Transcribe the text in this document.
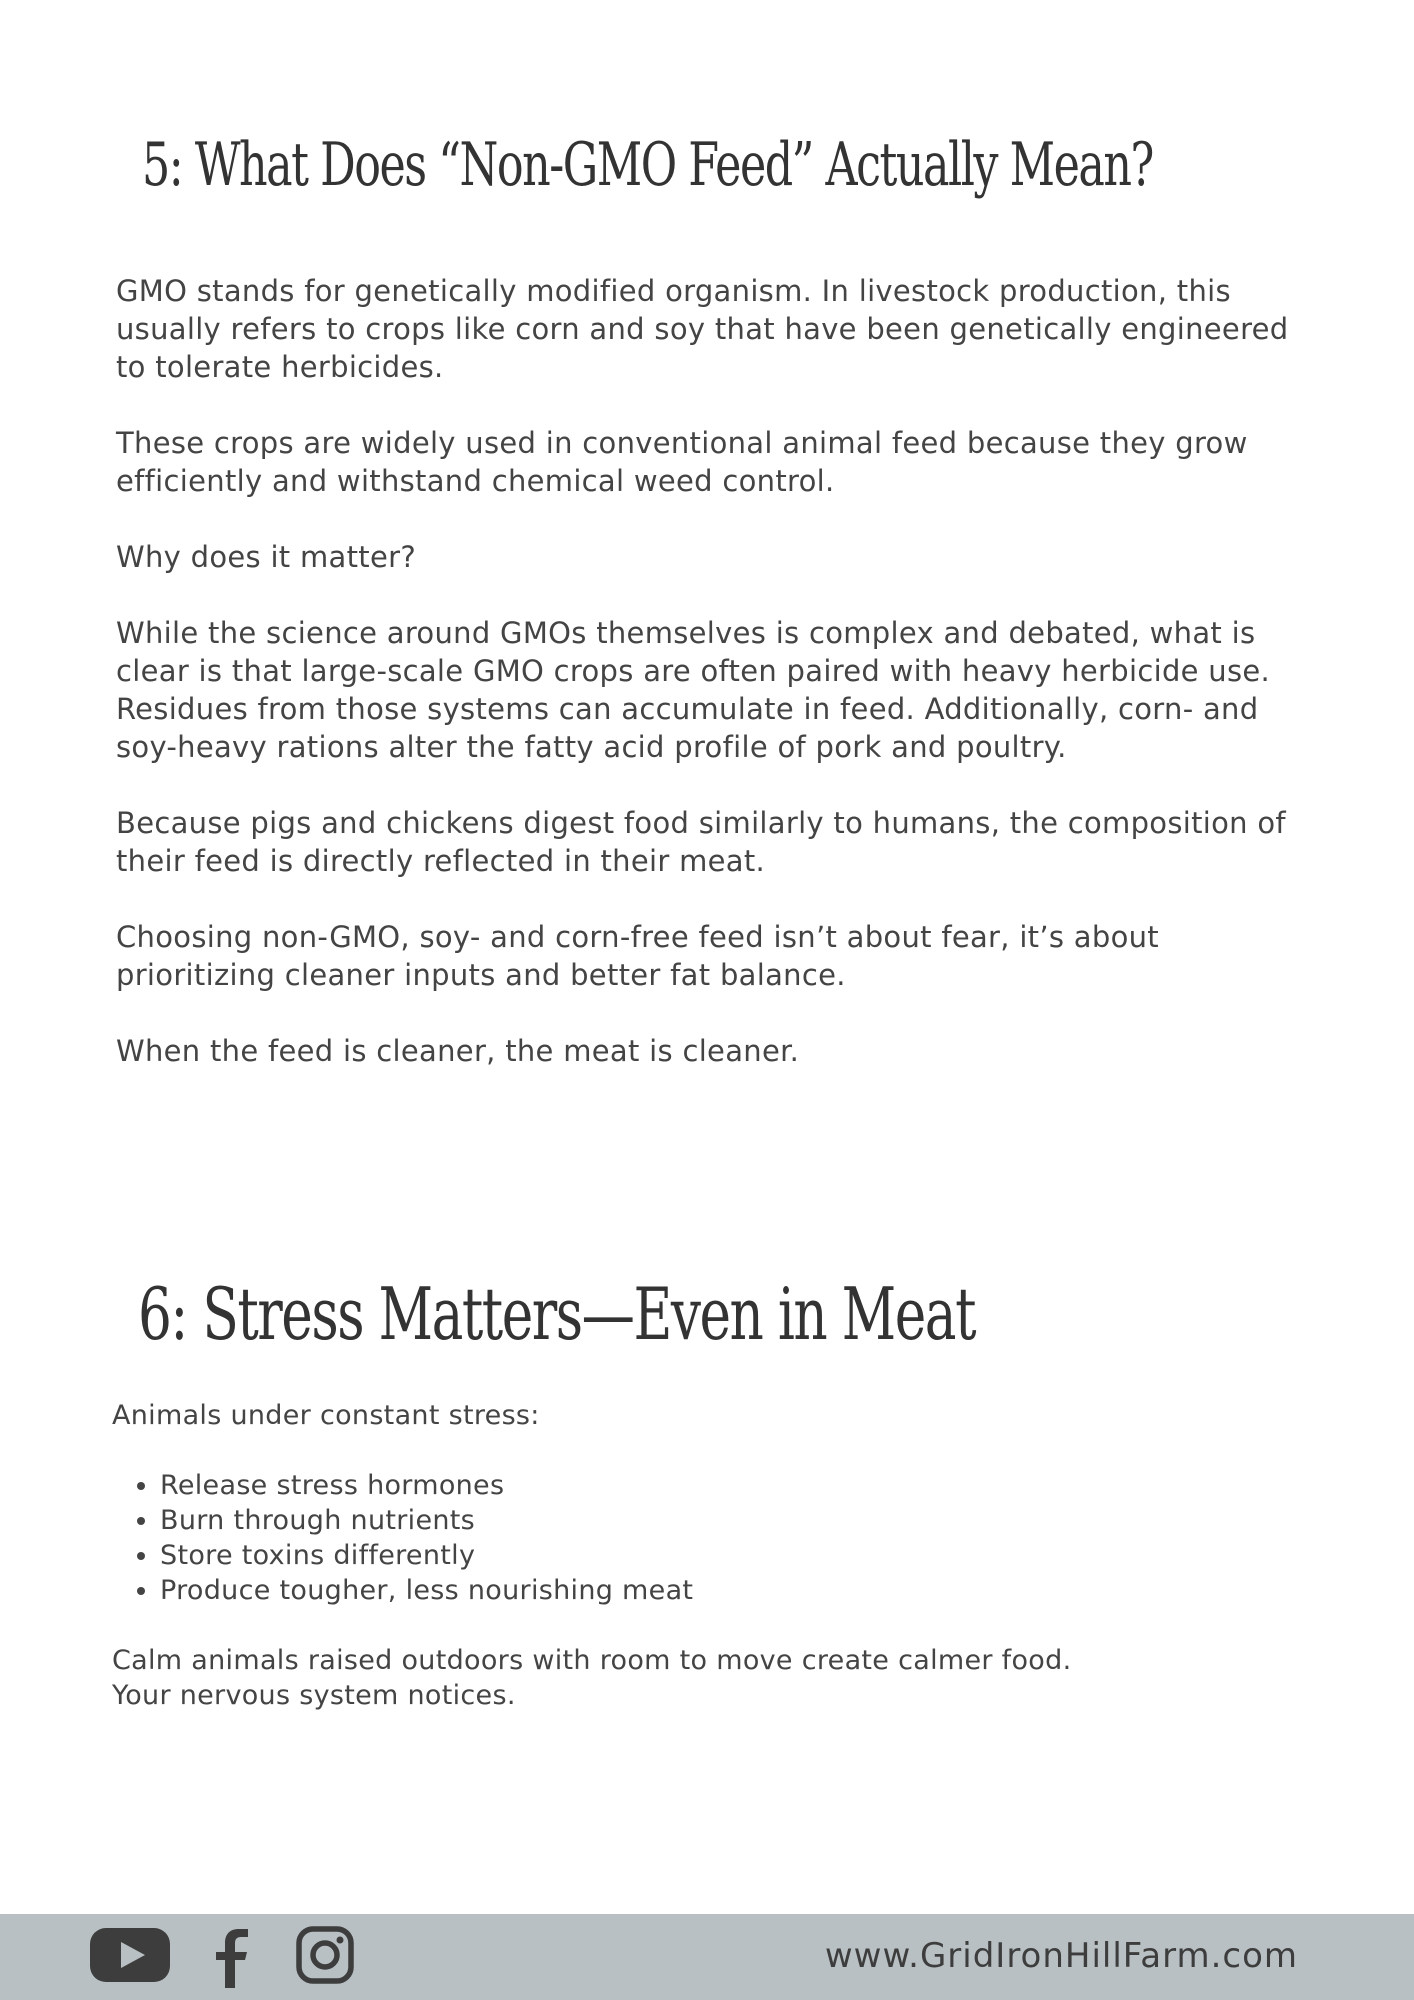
5: What Does “Non-GMO Feed” Actually Mean?

GMO stands for genetically modified organism. In livestock production, this usually refers to crops like corn and soy that have been genetically engineered to tolerate herbicides.

These crops are widely used in conventional animal feed because they grow efficiently and withstand chemical weed control.

Why does it matter?

While the science around GMOs themselves is complex and debated, what is clear is that large-scale GMO crops are often paired with heavy herbicide use. Residues from those systems can accumulate in feed. Additionally, corn- and soy-heavy rations alter the fatty acid profile of pork and poultry.

Because pigs and chickens digest food similarly to humans, the composition of their feed is directly reflected in their meat.

Choosing non-GMO, soy- and corn-free feed isn’t about fear, it’s about prioritizing cleaner inputs and better fat balance.

When the feed is cleaner, the meat is cleaner.

6: Stress Matters—Even in Meat

Animals under constant stress:

• Release stress hormones
• Burn through nutrients
• Store toxins differently
• Produce tougher, less nourishing meat

Calm animals raised outdoors with room to move create calmer food.

Your nervous system notices.

www.GridIronHillFarm.com
